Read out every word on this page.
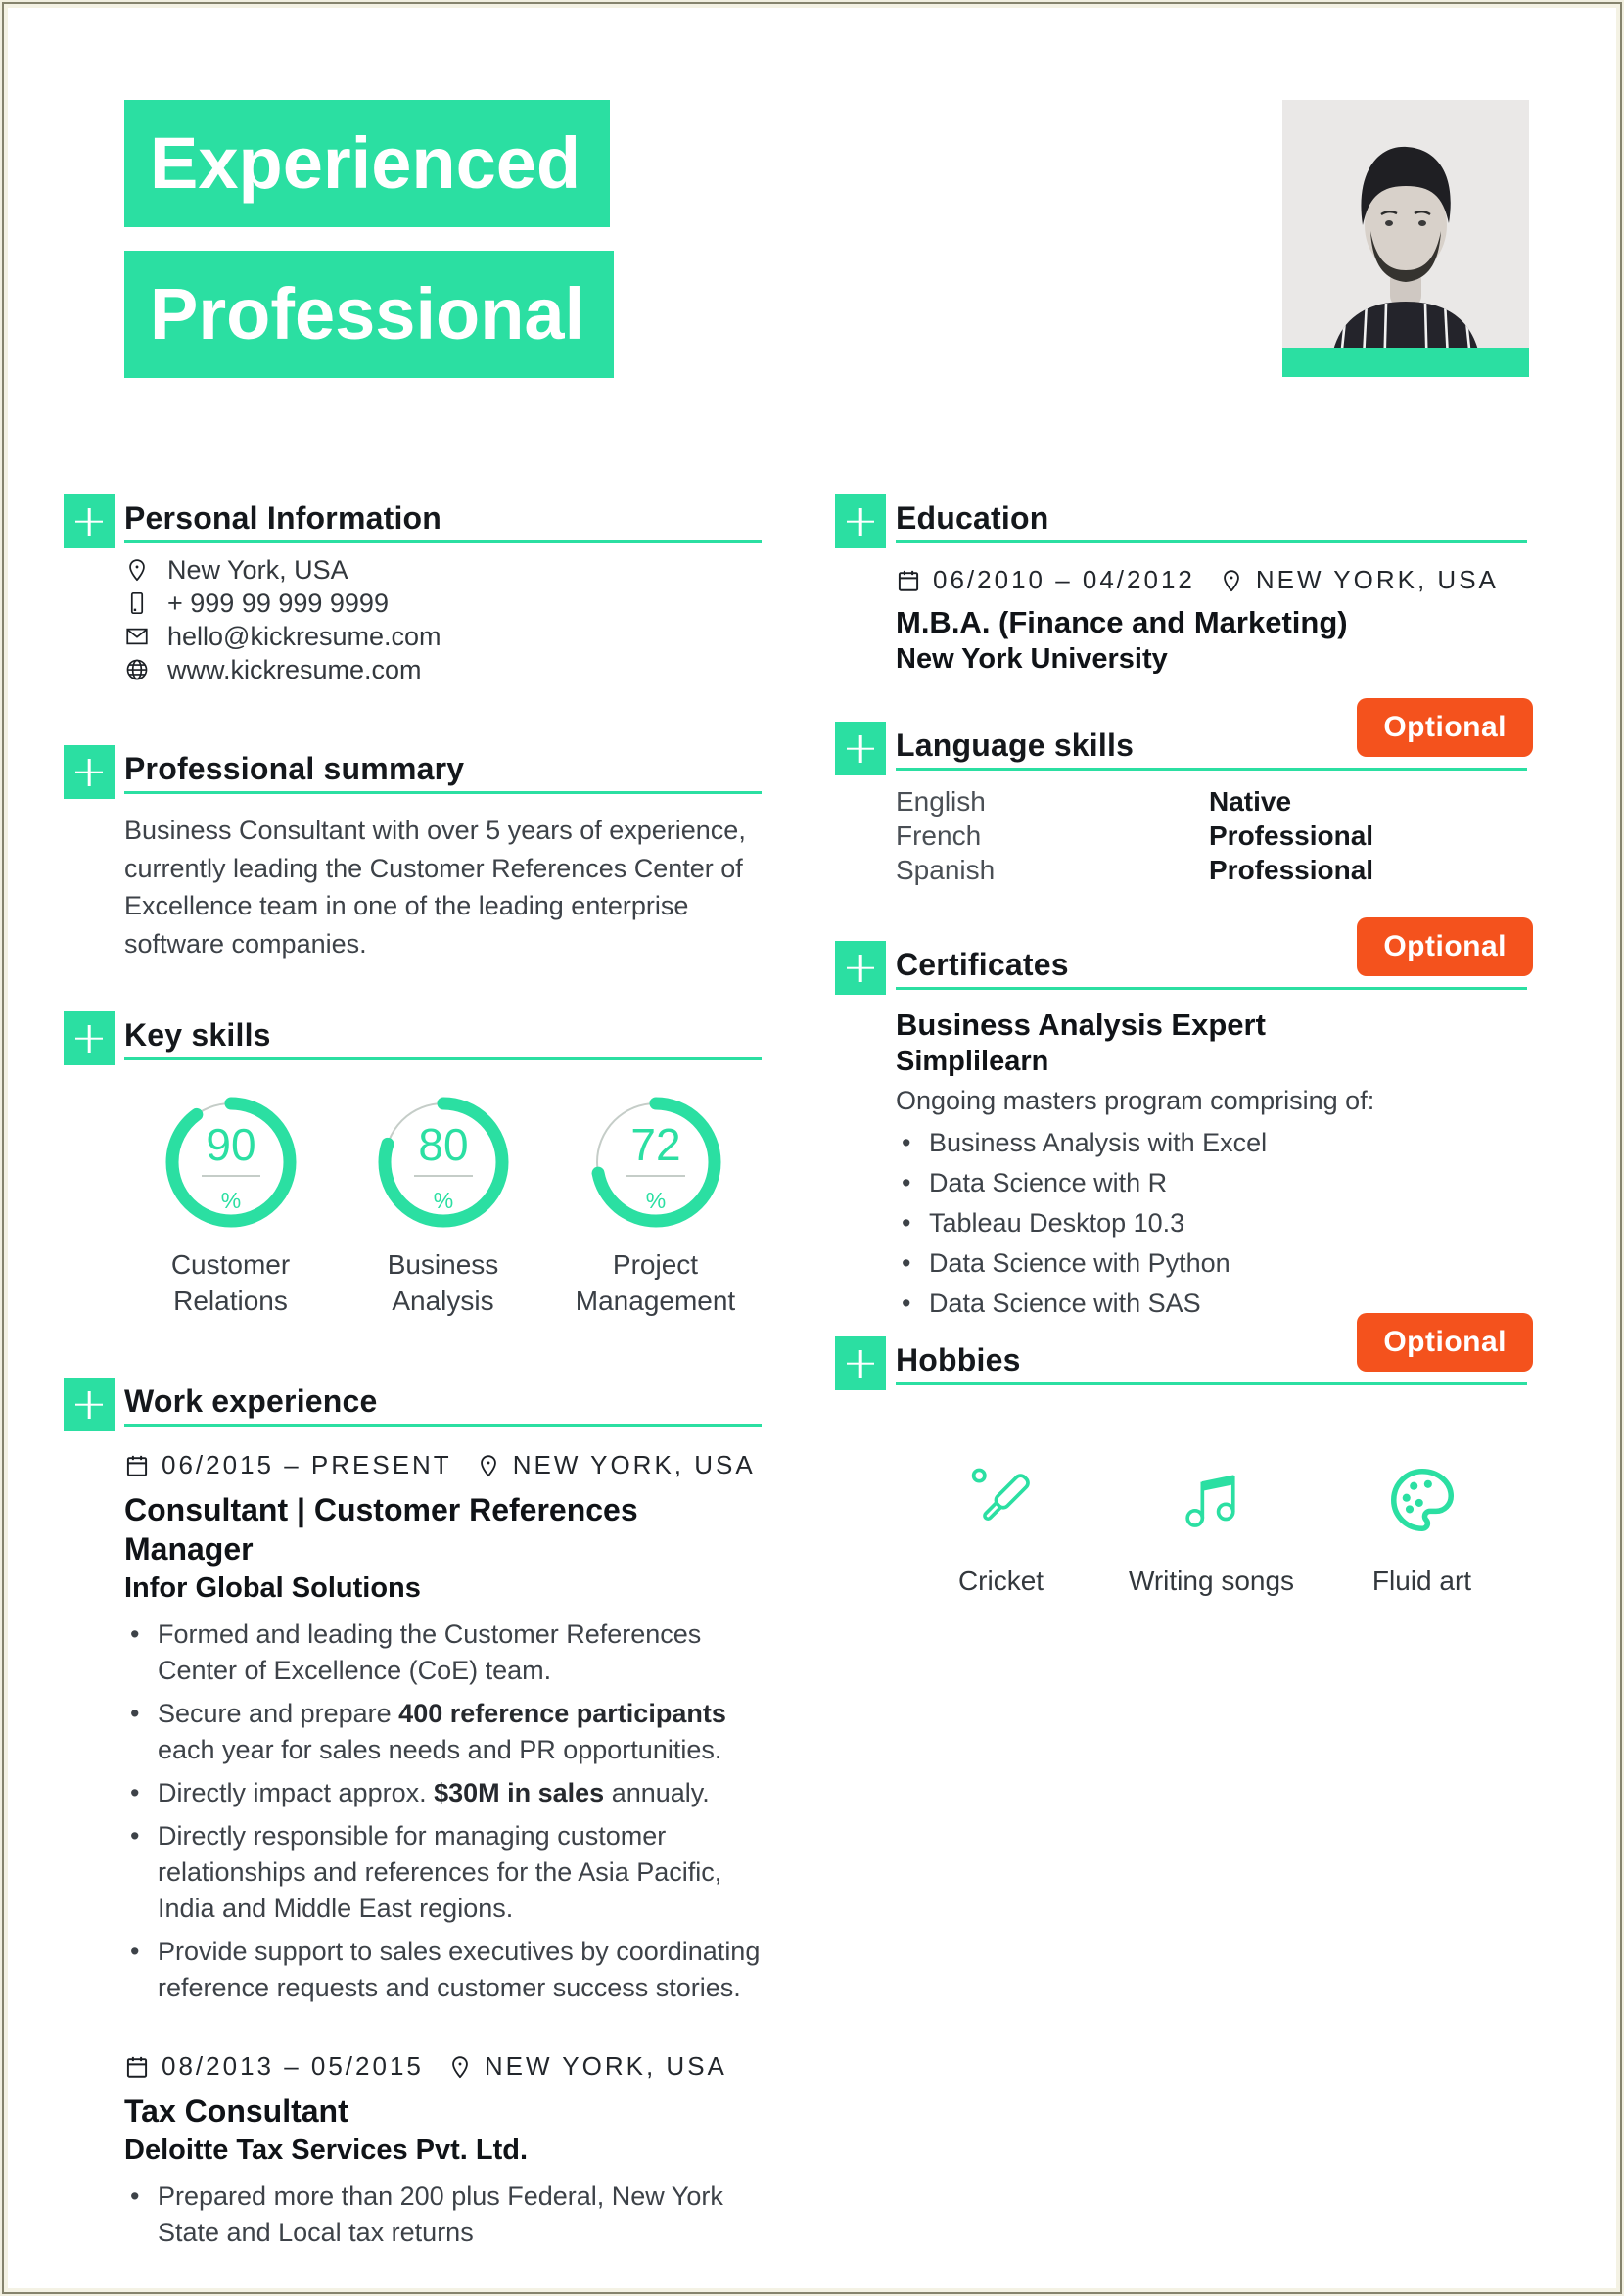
Experienced
Professional
Personal Information
New York, USA
+ 999 99 999 9999
hello@kickresume.com
www.kickresume.com
Professional summary

Business Consultant with over 5 years of experience, currently leading the Customer References Center of Excellence team in one of the leading enterprise software companies.

Key skills
90
%
Customer Relations
80
%
Business Analysis
72
%
Project Management
Work experience
06/2015 – PRESENT NEW YORK, USA
Consultant | Customer References Manager
Infor Global Solutions
• Formed and leading the Customer References Center of Excellence (CoE) team.
• Secure and prepare 400 reference participants each year for sales needs and PR opportunities.
• Directly impact approx. $30M in sales annualy.
• Directly responsible for managing customer relationships and references for the Asia Pacific, India and Middle East regions.
• Provide support to sales executives by coordinating reference requests and customer success stories.
08/2013 – 05/2015 NEW YORK, USA
Tax Consultant
Deloitte Tax Services Pvt. Ltd.
• Prepared more than 200 plus Federal, New York State and Local tax returns
Education
06/2010 – 04/2012 NEW YORK, USA
M.B.A. (Finance and Marketing)
New York University
Language skills
Optional
English	Native
French	Professional
Spanish	Professional
Certificates
Optional
Business Analysis Expert
Simplilearn

Ongoing masters program comprising of:

• Business Analysis with Excel
• Data Science with R
• Tableau Desktop 10.3
• Data Science with Python
• Data Science with SAS
Hobbies
Optional
Cricket	Writing songs	Fluid art
